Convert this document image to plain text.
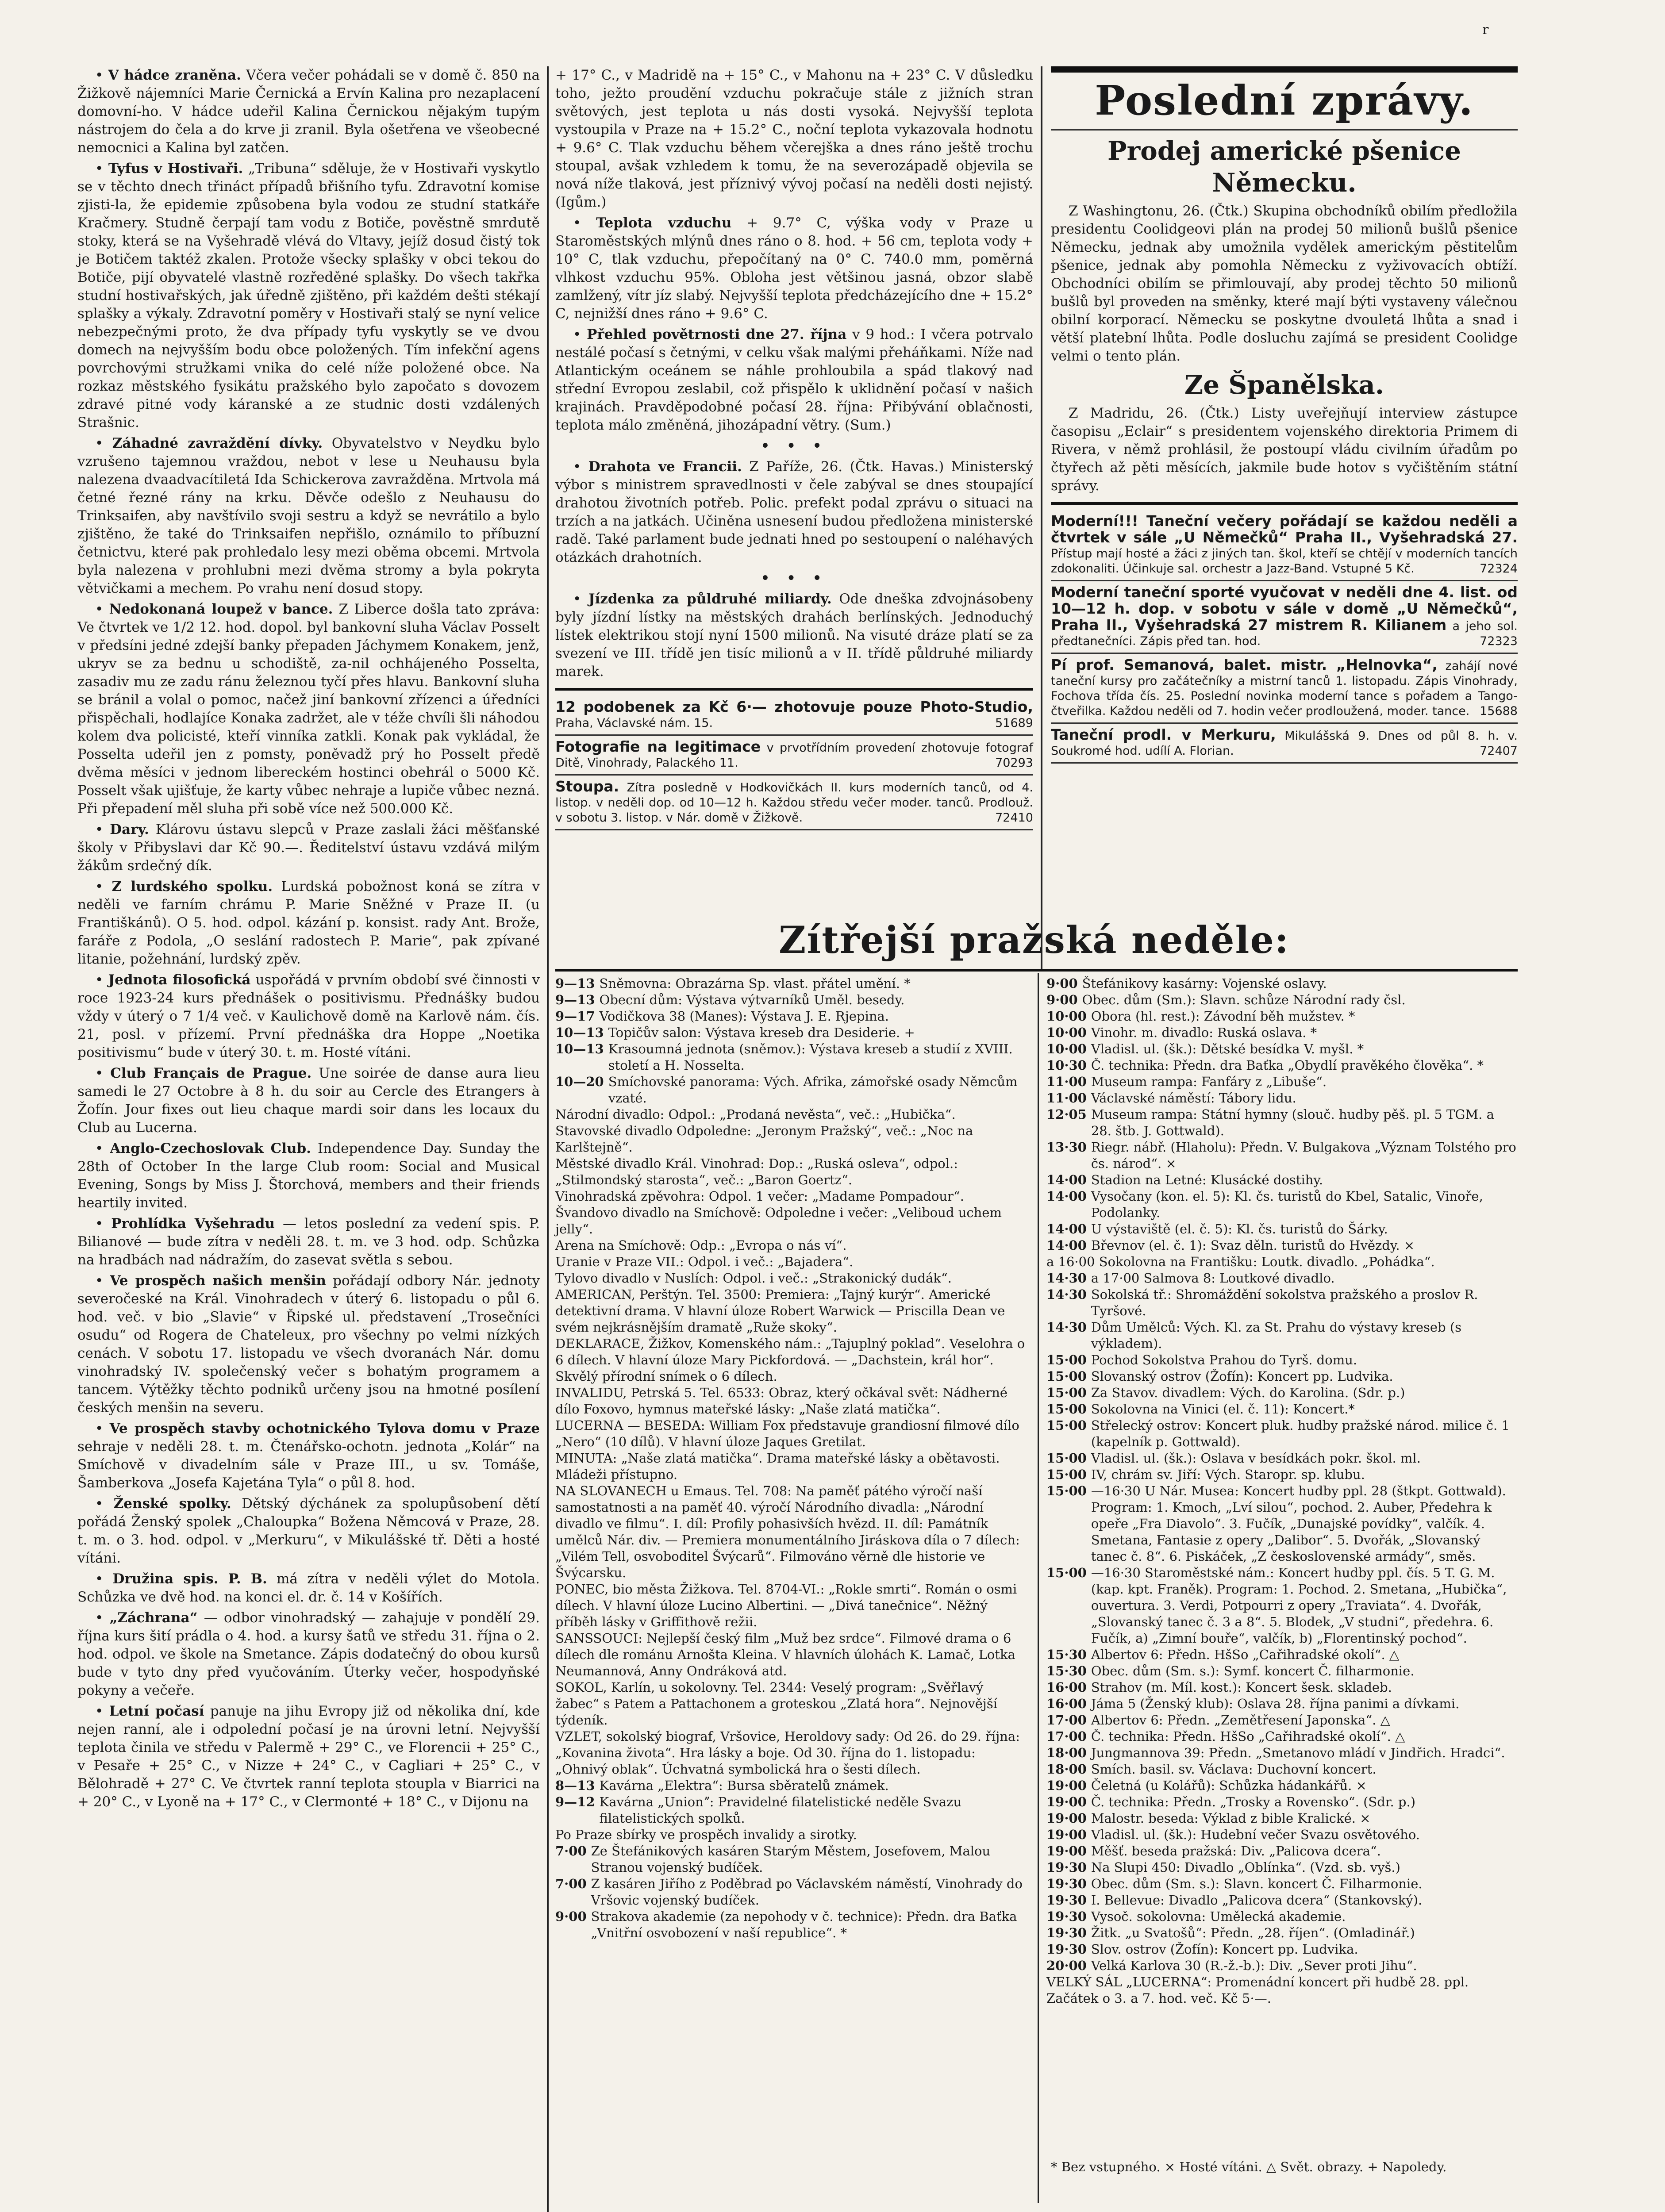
r

• V hádce zraněna. Včera večer pohádali se v domě č. 850 na Žižkově nájemníci Marie Černická a Ervín Kalina pro nezaplacení domovní-ho. V hádce udeřil Kalina Černickou nějakým tupým nástrojem do čela a do krve ji zranil. Byla ošetřena ve všeobecné nemocnici a Kalina byl zatčen.

• Tyfus v Hostivaři. „Tribuna“ sděluje, že v Hostivaři vyskytlo se v těchto dnech třináct případů břišního tyfu. Zdravotní komise zjisti-la, že epidemie způsobena byla vodou ze studní statkáře Kračmery. Studně čerpají tam vodu z Botiče, pověstně smrdutě stoky, která se na Vyšehradě vlévá do Vltavy, jejíž dosud čistý tok je Botičem taktéž zkalen. Protože všecky splašky v obci tekou do Botiče, pijí obyvatelé vlastně rozředěné splašky. Do všech takřka studní hostivařských, jak úředně zjištěno, při každém dešti stékají splašky a výkaly. Zdravotní poměry v Hostivaři stalý se nyní velice nebezpečnými proto, že dva případy tyfu vyskytly se ve dvou domech na nejvyšším bodu obce položených. Tím infekční agens povrchovými stružkami vnika do celé níže položené obce. Na rozkaz městského fysikátu pražského bylo započato s dovozem zdravé pitné vody káranské a ze studnic dosti vzdálených Strašnic.

• Záhadné zavraždění dívky. Obyvatelstvo v Neydku bylo vzrušeno tajemnou vraždou, nebot v lese u Neuhausu byla nalezena dvaadvacítiletá Ida Schickerova zavražděna. Mrtvola má četné řezné rány na krku. Děvče odešlo z Neuhausu do Trinksaifen, aby navštívilo svoji sestru a když se nevrátilo a bylo zjištěno, že také do Trinksaifen nepřišlo, oznámilo to příbuzní četnictvu, které pak prohledalo lesy mezi oběma obcemi. Mrtvola byla nalezena v prohlubni mezi dvěma stromy a byla pokryta větvičkami a mechem. Po vrahu není dosud stopy.

• Nedokonaná loupež v bance. Z Liberce došla tato zpráva: Ve čtvrtek ve 1/2 12. hod. dopol. byl bankovní sluha Václav Posselt v předsíni jedné zdejší banky přepaden Jáchymem Konakem, jenž, ukryv se za bednu u schodiště, za-nil ochhájeného Posselta, zasadiv mu ze zadu ránu železnou tyčí přes hlavu. Bankovní sluha se bránil a volal o pomoc, načež jiní bankovní zřízenci a úředníci přispěchali, hodlajíce Konaka zadržet, ale v téže chvíli šli náhodou kolem dva policisté, kteří vinníka zatkli. Konak pak vykládal, že Posselta udeřil jen z pomsty, poněvadž prý ho Posselt předě dvěma měsíci v jednom libereckém hostinci obehrál o 5000 Kč. Posselt však ujišťuje, že karty vůbec nehraje a lupiče vůbec nezná. Při přepadení měl sluha při sobě více než 500.000 Kč.

• Dary. Klárovu ústavu slepců v Praze zaslali žáci měšťanské školy v Přibyslavi dar Kč 90.—. Ředitelství ústavu vzdává milým žákům srdečný dík.

• Z lurdského spolku. Lurdská pobožnost koná se zítra v neděli ve farním chrámu P. Marie Sněžné v Praze II. (u Františkánů). O 5. hod. odpol. kázání p. konsist. rady Ant. Brože, faráře z Podola, „O seslání radostech P. Marie“, pak zpívané litanie, požehnání, lurdský zpěv.

• Jednota filosofická uspořádá v prvním období své činnosti v roce 1923-24 kurs přednášek o positivismu. Přednášky budou vždy v úterý o 7 1/4 več. v Kaulichově domě na Karlově nám. čís. 21, posl. v přízemí. První přednáška dra Hoppe „Noetika positivismu“ bude v úterý 30. t. m. Hosté vítáni.

• Club Français de Prague. Une soirée de danse aura lieu samedi le 27 Octobre à 8 h. du soir au Cercle des Etrangers à Žofín. Jour fixes out lieu chaque mardi soir dans les locaux du Club au Lucerna.

• Anglo-Czechoslovak Club. Independence Day. Sunday the 28th of October In the large Club room: Social and Musical Evening, Songs by Miss J. Štorchová, members and their friends heartily invited.

• Prohlídka Vyšehradu — letos poslední za vedení spis. P. Bilianové — bude zítra v neděli 28. t. m. ve 3 hod. odp. Schůzka na hradbách nad nádražím, do zasevat světla s sebou.

• Ve prospěch našich menšin pořádají odbory Nár. jednoty severočeské na Král. Vinohradech v úterý 6. listopadu o půl 6. hod. več. v bio „Slavie“ v Řipské ul. představení „Trosečníci osudu“ od Rogera de Chateleux, pro všechny po velmi nízkých cenách. V sobotu 17. listopadu ve všech dvoranách Nár. domu vinohradský IV. společenský večer s bohatým programem a tancem. Výtěžky těchto podniků určeny jsou na hmotné posílení českých menšin na severu.

• Ve prospěch stavby ochotnického Tylova domu v Praze sehraje v neděli 28. t. m. Čtenářsko-ochotn. jednota „Kolár“ na Smíchově v divadelním sále v Praze III., u sv. Tomáše, Šamberkova „Josefa Kajetána Tyla“ o půl 8. hod.

• Ženské spolky. Dětský dýchánek za spolupůsobení dětí pořádá Ženský spolek „Chaloupka“ Božena Němcová v Praze, 28. t. m. o 3. hod. odpol. v „Merkuru“, v Mikulášské tř. Děti a hosté vítáni.

• Družina spis. P. B. má zítra v neděli výlet do Motola. Schůzka ve dvě hod. na konci el. dr. č. 14 v Košířích.

• „Záchrana“ — odbor vinohradský — zahajuje v pondělí 29. října kurs šití prádla o 4. hod. a kursy šatů ve středu 31. října o 2. hod. odpol. ve škole na Smetance. Zápis dodatečný do obou kursů bude v tyto dny před vyučováním. Úterky večer, hospodyňské pokyny a večeře.

• Letní počasí panuje na jihu Evropy již od několika dní, kde nejen ranní, ale i odpolední počasí je na úrovni letní. Nejvyšší teplota činila ve středu v Palermě + 29° C., ve Florencii + 25° C., v Pesaře + 25° C., v Nizze + 24° C., v Cagliari + 25° C., v Bělohradě + 27° C. Ve čtvrtek ranní teplota stoupla v Biarrici na + 20° C., v Lyoně na + 17° C., v Clermonté + 18° C., v Dijonu na

+ 17° C., v Madridě na + 15° C., v Mahonu na + 23° C. V důsledku toho, ježto proudění vzduchu pokračuje stále z jižních stran světových, jest teplota u nás dosti vysoká. Nejvyšší teplota vystoupila v Praze na + 15.2° C., noční teplota vykazovala hodnotu + 9.6° C. Tlak vzduchu během včerejška a dnes ráno ještě trochu stoupal, avšak vzhledem k tomu, že na severozápadě objevila se nová níže tlaková, jest příznivý vývoj počasí na neděli dosti nejistý. (Igům.)

• Teplota vzduchu + 9.7° C, výška vody v Praze u Staroměstských mlýnů dnes ráno o 8. hod. + 56 cm, teplota vody + 10° C, tlak vzduchu, přepočítaný na 0° C. 740.0 mm, poměrná vlhkost vzduchu 95%. Obloha jest většinou jasná, obzor slabě zamlžený, vítr jíz slabý. Nejvyšší teplota předcházejícího dne + 15.2° C, nejnižší dnes ráno + 9.6° C.

• Přehled povětrnosti dne 27. října v 9 hod.: I včera potrvalo nestálé počasí s četnými, v celku však malými přeháňkami. Níže nad Atlantickým oceánem se náhle prohloubila a spád tlakový nad střední Evropou zeslabil, což přispělo k uklidnění počasí v našich krajinách. Pravděpodobné počasí 28. října: Přibývání oblačnosti, teplota málo změněná, jihozápadní větry. (Sum.)

• • •

• Drahota ve Francii. Z Paříže, 26. (Čtk. Havas.) Ministerský výbor s ministrem spravedlnosti v čele zabýval se dnes stoupající drahotou životních potřeb. Polic. prefekt podal zprávu o situaci na trzích a na jatkách. Učiněna usnesení budou předložena ministerské radě. Také parlament bude jednati hned po sestoupení o naléhavých otázkách drahotních.

• • •

• Jízdenka za půldruhé miliardy. Ode dneška zdvojnásobeny byly jízdní lístky na městských drahách berlínských. Jednoduchý lístek elektrikou stojí nyní 1500 milionů. Na visuté dráze platí se za svezení ve III. třídě jen tisíc milionů a v II. třídě půldruhé miliardy marek.

12 podobenek za Kč 6·— zhotovuje pouze Photo-Studio, Praha, Václavské nám. 15.	51689
Fotografie na legitimace v prvotřídním provedení zhotovuje fotograf Ditě, Vinohrady, Palackého 11.	70293
Stoupa. Zítra posledně v Hodkovičkách II. kurs moderních tanců, od 4. listop. v neděli dop. od 10—12 h. Každou středu večer moder. tanců. Prodlouž. v sobotu 3. listop. v Nár. domě v Žižkově.	72410
Poslední zprávy.
Prodej americké pšenice Německu.

Z Washingtonu, 26. (Čtk.) Skupina obchodníků obilím předložila presidentu Coolidgeovi plán na prodej 50 milionů bušlů pšenice Německu, jednak aby umožnila vydělek americkým pěstitelům pšenice, jednak aby pomohla Německu z vyživovacích obtíží. Obchodníci obilím se přimlouvají, aby prodej těchto 50 milionů bušlů byl proveden na směnky, které mají býti vystaveny válečnou obilní korporací. Německu se poskytne dvouletá lhůta a snad i větší platební lhůta. Podle dosluchu zajímá se president Coolidge velmi o tento plán.

Ze Španělska.

Z Madridu, 26. (Čtk.) Listy uveřejňují interview zástupce časopisu „Eclair“ s presidentem vojenského direktoria Primem di Rivera, v němž prohlásil, že postoupí vládu civilním úřadům po čtyřech až pěti měsících, jakmile bude hotov s vyčištěním státní správy.

Moderní!!! Taneční večery pořádají se každou neděli a čtvrtek v sále „U Němečků“ Praha II., Vyšehradská 27. Přístup mají hosté a žáci z jiných tan. škol, kteří se chtějí v moderních tancích zdokonaliti. Účinkuje sal. orchestr a Jazz-Band. Vstupné 5 Kč.	72324
Moderní taneční sporté vyučovat v neděli dne 4. list. od 10—12 h. dop. v sobotu v sále v domě „U Němečků“, Praha II., Vyšehradská 27 mistrem R. Kilianem a jeho sol. předtanečníci. Zápis před tan. hod.	72323
Pí prof. Semanová, balet. mistr. „Helnovka“, zahájí nové taneční kursy pro začátečníky a mistrní tanců 1. listopadu. Zápis Vinohrady, Fochova třída čís. 25. Poslední novinka moderní tance s pořadem a Tango-čtveřilka. Každou neděli od 7. hodin večer prodloužená, moder. tance. 15688
Taneční prodl. v Merkuru, Mikulášská 9. Dnes od půl 8. h. v. Soukromé hod. udílí A. Florian.	72407
Zítřejší pražská neděle:

9—13 Sněmovna: Obrazárna Sp. vlast. přátel umění. *

9—13 Obecní dům: Výstava výtvarníků Uměl. besedy.

9—17 Vodičkova 38 (Manes): Výstava J. E. Rjepina.

10—13 Topičův salon: Výstava kreseb dra Desiderie. +

10—13 Krasoumná jednota (sněmov.): Výstava kreseb a studií z XVIII. století a H. Nosselta.

10—20 Smíchovské panorama: Vých. Afrika, zámořské osady Němcům vzaté.

Národní divadlo: Odpol.: „Prodaná nevěsta“, več.: „Hubička“.

Stavovské divadlo Odpoledne: „Jeronym Pražský“, več.: „Noc na Karlštejně“.

Městské divadlo Král. Vinohrad: Dop.: „Ruská osleva“, odpol.: „Stilmondský starosta“, več.: „Baron Goertz“.

Vinohradská zpěvohra: Odpol. 1 večer: „Madame Pompadour“.

Švandovo divadlo na Smíchově: Odpoledne i večer: „Veliboud uchem jelly“.

Arena na Smíchově: Odp.: „Evropa o nás ví“.

Uranie v Praze VII.: Odpol. i več.: „Bajadera“.

Tylovo divadlo v Nuslích: Odpol. i več.: „Strakonický dudák“.

AMERICAN, Perštýn. Tel. 3500: Premiera: „Tajný kurýr“. Americké detektivní drama. V hlavní úloze Robert Warwick — Priscilla Dean ve svém nejkrásnějším dramatě „Ruže skoky“.

DEKLARACE, Žižkov, Komenského nám.: „Tajuplný poklad“. Veselohra o 6 dílech. V hlavní úloze Mary Pickfordová. — „Dachstein, král hor“. Skvělý přírodní snímek o 6 dílech.

INVALIDU, Petrská 5. Tel. 6533: Obraz, který očkával svět: Nádherné dílo Foxovo, hymnus mateřské lásky: „Naše zlatá matička“.

LUCERNA — BESEDA: William Fox představuje grandiosní filmové dílo „Nero“ (10 dílů). V hlavní úloze Jaques Gretilat.

MINUTA: „Naše zlatá matička“. Drama mateřské lásky a obětavosti. Mládeži přístupno.

NA SLOVANECH u Emaus. Tel. 708: Na paměť pátého výročí naší samostatnosti a na paměť 40. výročí Národního divadla: „Národní divadlo ve filmu“. I. díl: Profily pohasivších hvězd. II. díl: Památník umělců Nár. div. — Premiera monumentálního Jiráskova díla o 7 dílech: „Vilém Tell, osvoboditel Švýcarů“. Filmováno věrně dle historie ve Švýcarsku.

PONEC, bio města Žižkova. Tel. 8704-VI.: „Rokle smrti“. Román o osmi dílech. V hlavní úloze Lucino Albertini. — „Divá tanečnice“. Něžný příběh lásky v Griffithově režii.

SANSSOUCI: Nejlepší český film „Muž bez srdce“. Filmové drama o 6 dílech dle románu Arnošta Kleina. V hlavních úlohách K. Lamač, Lotka Neumannová, Anny Ondráková atd.

SOKOL, Karlín, u sokolovny. Tel. 2344: Veselý program: „Svěřlavý žabec“ s Patem a Pattachonem a groteskou „Zlatá hora“. Nejnovější týdeník.

VZLET, sokolský biograf, Vršovice, Heroldovy sady: Od 26. do 29. října: „Kovanina života“. Hra lásky a boje. Od 30. října do 1. listopadu: „Ohnivý oblak“. Úchvatná symbolická hra o šesti dílech.

8—13 Kavárna „Elektra“: Bursa sběratelů známek.

9—12 Kavárna „Unionˮ: Pravidelné filatelistické neděle Svazu filatelistických spolků.

Po Praze sbírky ve prospěch invalidy a sirotky.

7·00 Ze Štefánikových kasáren Starým Městem, Josefovem, Malou Stranou vojenský budíček.

7·00 Z kasáren Jiřího z Poděbrad po Václavském náměstí, Vinohrady do Vršovic vojenský budíček.

9·00 Strakova akademie (za nepohody v č. technice): Předn. dra Baťka „Vnitřní osvobození v naší republice“. *

9·00 Štefánikovy kasárny: Vojenské oslavy.

9·00 Obec. dům (Sm.): Slavn. schůze Národní rady čsl.

10·00 Obora (hl. rest.): Závodní běh mužstev. *

10·00 Vinohr. m. divadlo: Ruská oslava. *

10·00 Vladisl. ul. (šk.): Dětské besídka V. myšl. *

10·30 Č. technika: Předn. dra Baťka „Obydlí pravěkého člověka“. *

11·00 Museum rampa: Fanfáry z „Libuše“.

11·00 Václavské náměstí: Tábory lidu.

12·05 Museum rampa: Státní hymny (slouč. hudby pěš. pl. 5 TGM. a 28. štb. J. Gottwald).

13·30 Riegr. nábř. (Hlaholu): Předn. V. Bulgakova „Význam Tolstého pro čs. národ“. ×

14·00 Stadion na Letné: Klusácké dostihy.

14·00 Vysočany (kon. el. 5): Kl. čs. turistů do Kbel, Satalic, Vinoře, Podolanky.

14·00 U výstaviště (el. č. 5): Kl. čs. turistů do Šárky.

14·00 Břevnov (el. č. 1): Svaz děln. turistů do Hvězdy. ×

a 16·00 Sokolovna na Františku: Loutk. divadlo. „Pohádka“.

14·30 a 17·00 Salmova 8: Loutkové divadlo.

14·30 Sokolská tř.: Shromáždění sokolstva pražského a proslov R. Tyršové.

14·30 Dům Umělců: Vých. Kl. za St. Prahu do výstavy kreseb (s výkladem).

15·00 Pochod Sokolstva Prahou do Tyrš. domu.

15·00 Slovanský ostrov (Žofín): Koncert pp. Ludvika.

15·00 Za Stavov. divadlem: Vých. do Karolina. (Sdr. p.)

15·00 Sokolovna na Vinici (el. č. 11): Koncert.*

15·00 Střelecký ostrov: Koncert pluk. hudby pražské národ. milice č. 1 (kapelník p. Gottwald).

15·00 Vladisl. ul. (šk.): Oslava v besídkách pokr. škol. ml.

15·00 IV, chrám sv. Jiří: Vých. Staropr. sp. klubu.

15·00 —16·30 U Nár. Musea: Koncert hudby ppl. 28 (štkpt. Gottwald). Program: 1. Kmoch, „Lví silou“, pochod. 2. Auber, Předehra k opeře „Fra Diavolo“. 3. Fučík, „Dunajské povídky“, valčík. 4. Smetana, Fantasie z opery „Dalibor“. 5. Dvořák, „Slovanský tanec č. 8“. 6. Piskáček, „Z československé armády“, směs.

15·00 —16·30 Staroměstské nám.: Koncert hudby ppl. čís. 5 T. G. M. (kap. kpt. Franěk). Program: 1. Pochod. 2. Smetana, „Hubička“, ouvertura. 3. Verdi, Potpourri z opery „Traviata“. 4. Dvořák, „Slovanský tanec č. 3 a 8“. 5. Blodek, „V studni“, předehra. 6. Fučík, a) „Zimní bouře“, valčík, b) „Florentinský pochod“.

15·30 Albertov 6: Předn. HšSo „Cařihradské okolí“. △

15·30 Obec. dům (Sm. s.): Symf. koncert Č. filharmonie.

16·00 Strahov (m. Míl. kost.): Koncert šesk. skladeb.

16·00 Jáma 5 (Ženský klub): Oslava 28. října panimi a dívkami.

17·00 Albertov 6: Předn. „Zemětřesení Japonska“. △

17·00 Č. technika: Předn. HšSo „Cařihradské okolí“. △

18·00 Jungmannova 39: Předn. „Smetanovo mládí v Jindřich. Hradci“.

18·00 Smích. basil. sv. Václava: Duchovní koncert.

19·00 Čeletná (u Kolářů): Schůzka hádankářů. ×

19·00 Č. technika: Předn. „Trosky a Rovensko“. (Sdr. p.)

19·00 Malostr. beseda: Výklad z bible Kralické. ×

19·00 Vladisl. ul. (šk.): Hudební večer Svazu osvětového.

19·00 Měšť. beseda pražská: Div. „Palicova dcera“.

19·30 Na Slupi 450: Divadlo „Oblínka“. (Vzd. sb. vyš.)

19·30 Obec. dům (Sm. s.): Slavn. koncert Č. Filharmonie.

19·30 I. Bellevue: Divadlo „Palicova dcera“ (Stankovský).

19·30 Vysoč. sokolovna: Umělecká akademie.

19·30 Žitk. „u Svatošů“: Předn. „28. říjen“. (Omladinář.)

19·30 Slov. ostrov (Žofín): Koncert pp. Ludvika.

20·00 Velká Karlova 30 (R.-ž.-b.): Div. „Sever proti Jihu“.

VELKÝ SÁL „LUCERNA“: Promenádní koncert při hudbě 28. ppl. Začátek o 3. a 7. hod. več. Kč 5·—.

* Bez vstupného. × Hosté vítáni. △ Svět. obrazy. + Napoledy.
